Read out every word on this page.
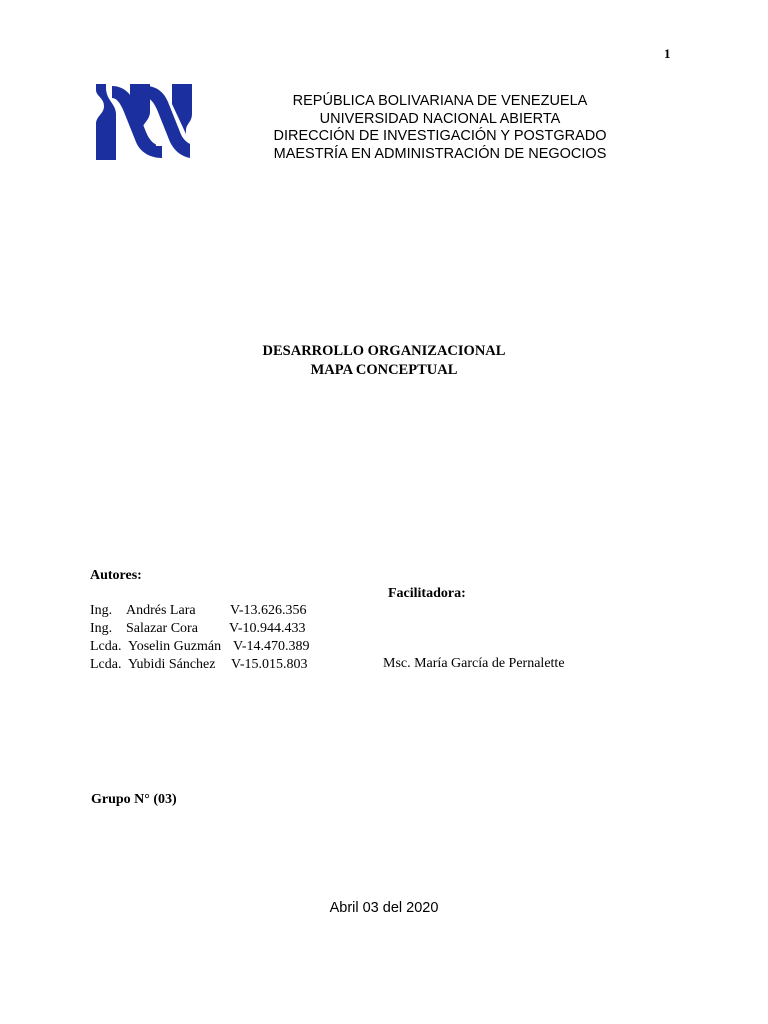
1
REPÚBLICA BOLIVARIANA DE VENEZUELA
UNIVERSIDAD NACIONAL ABIERTA
DIRECCIÓN DE INVESTIGACIÓN Y POSTGRADO
MAESTRÍA EN ADMINISTRACIÓN DE NEGOCIOS
DESARROLLO ORGANIZACIONAL
MAPA CONCEPTUAL
Autores:
Facilitadora:
Ing. Andrés Lara V-13.626.356
Ing. Salazar Cora V-10.944.433
Lcda. Yoselin Guzmán V-14.470.389
Lcda. Yubidi Sánchez V-15.015.803	Msc. María García de Pernalette
Grupo N° (03)
Abril 03 del 2020
